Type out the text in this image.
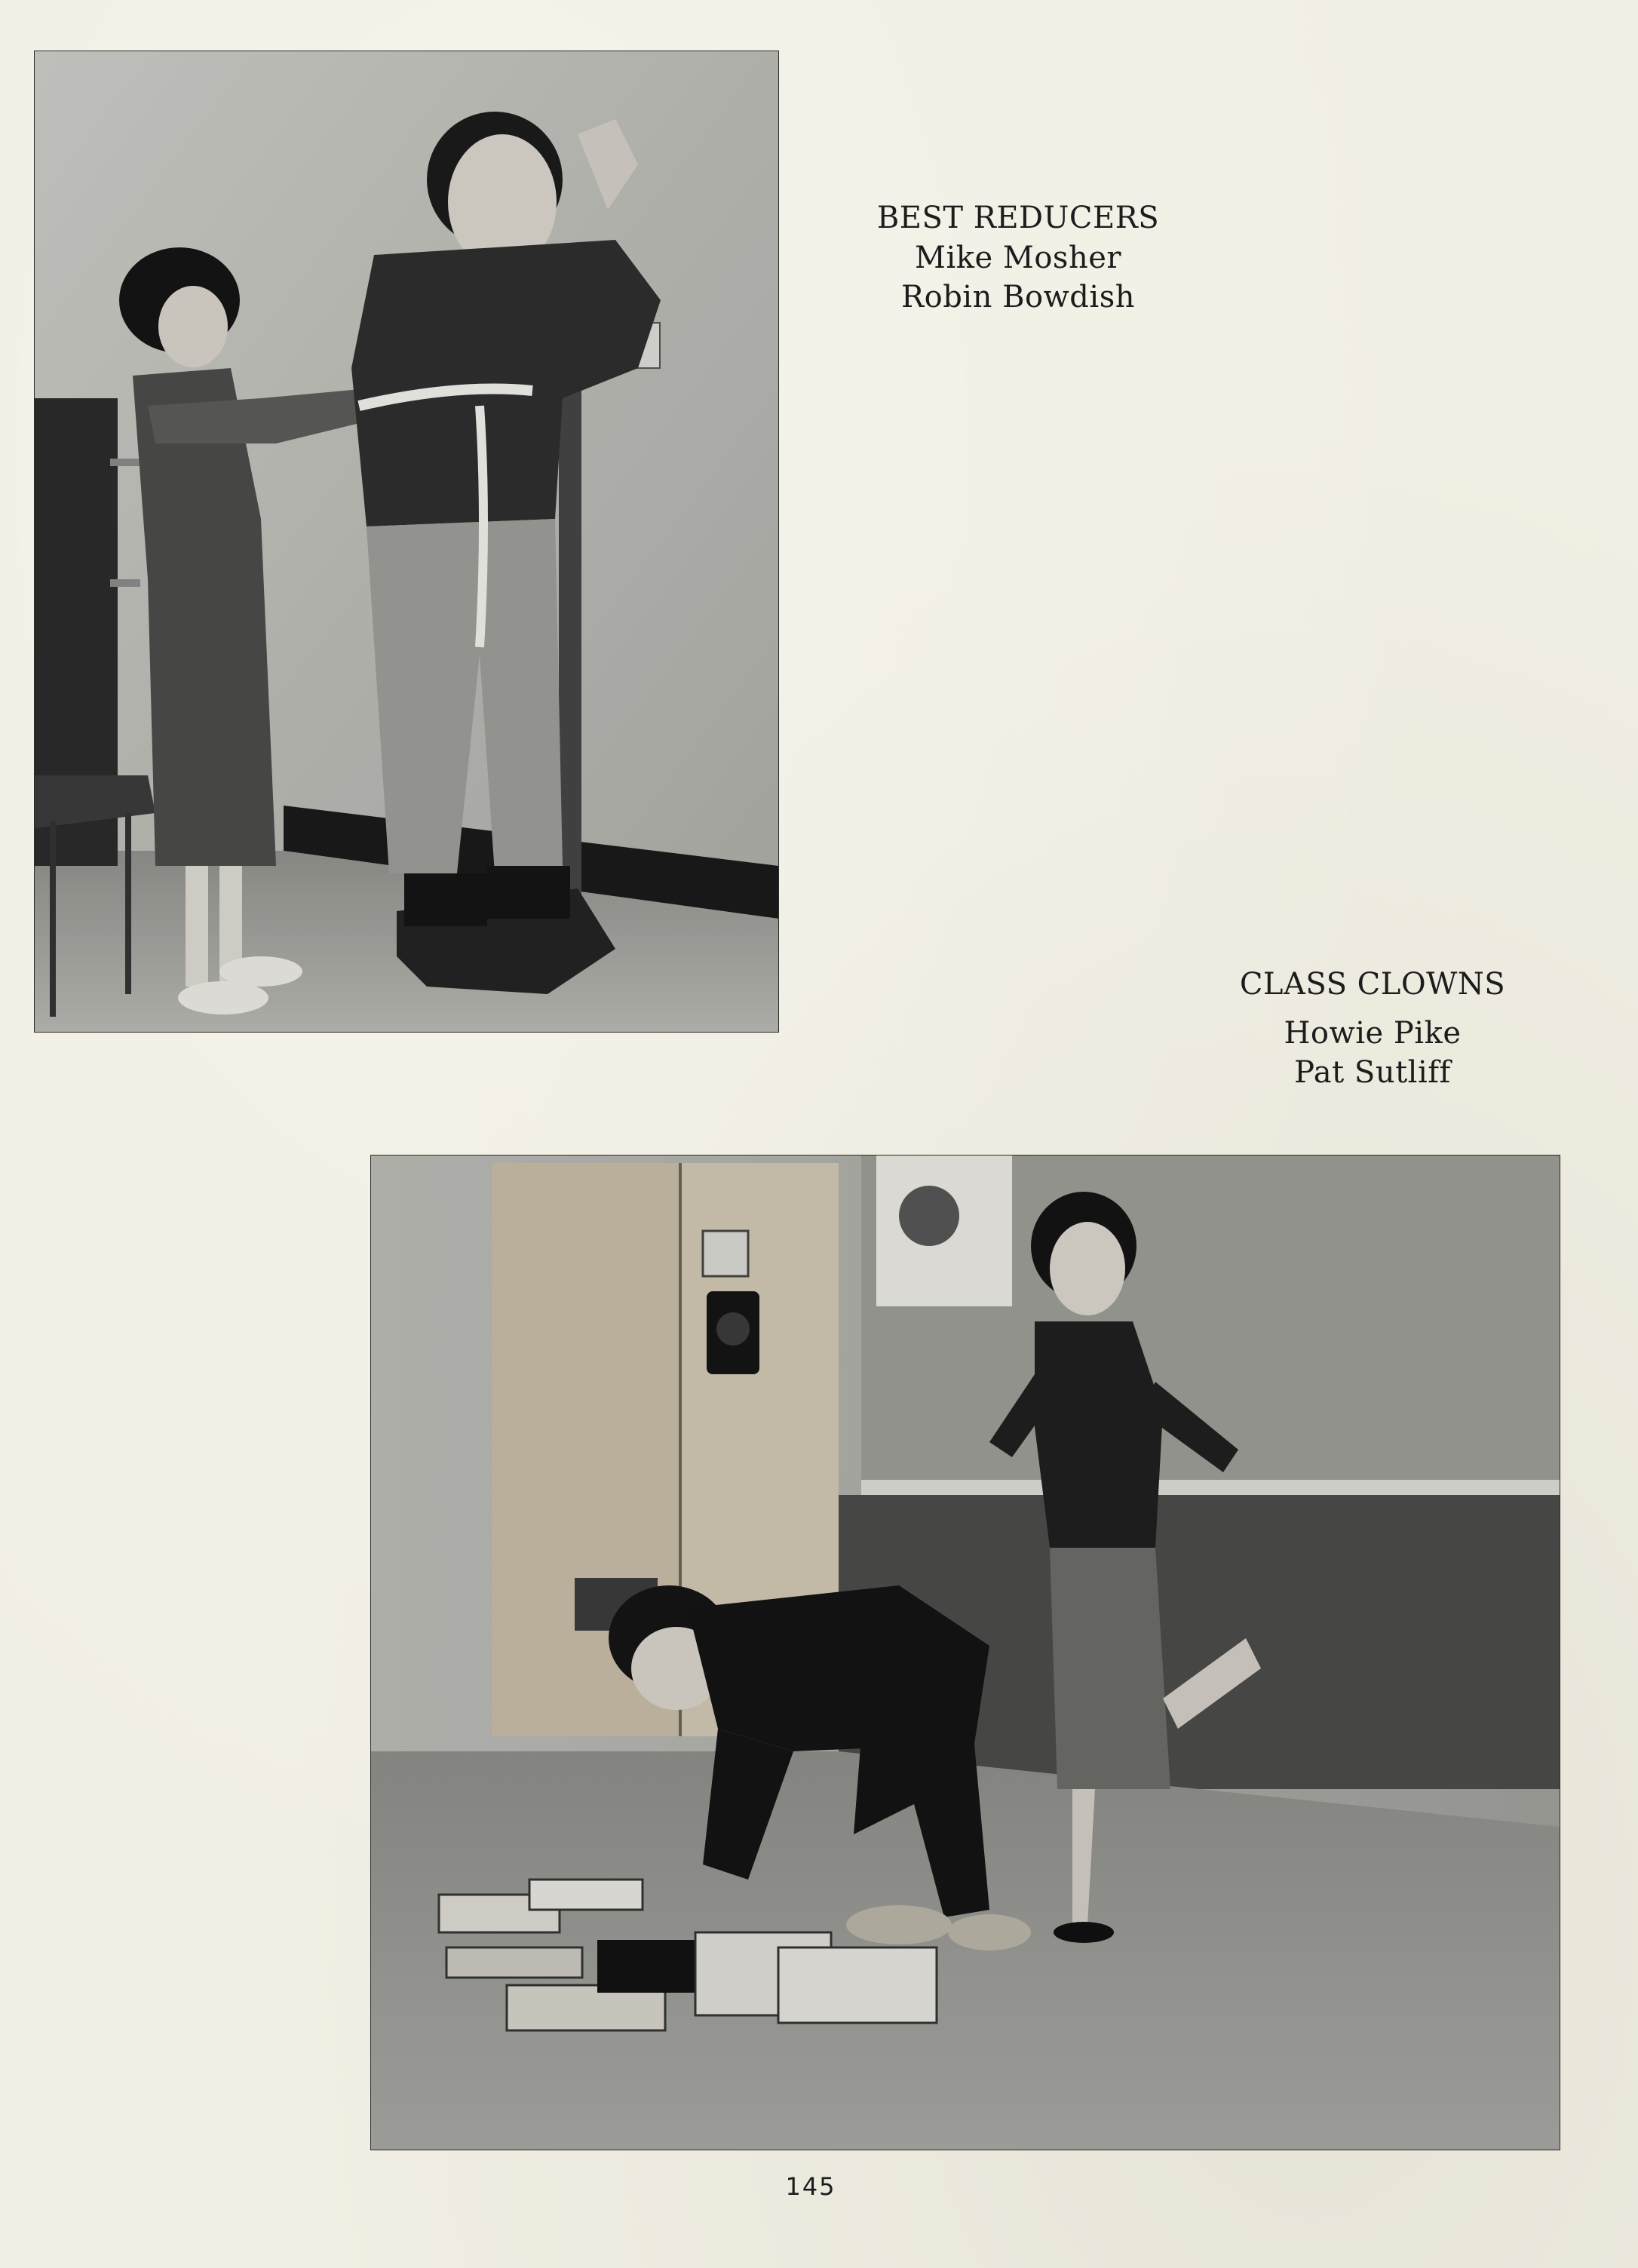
BEST REDUCERS
Mike Mosher
Robin Bowdish
CLASS CLOWNS
Howie Pike
Pat Sutliff
145
